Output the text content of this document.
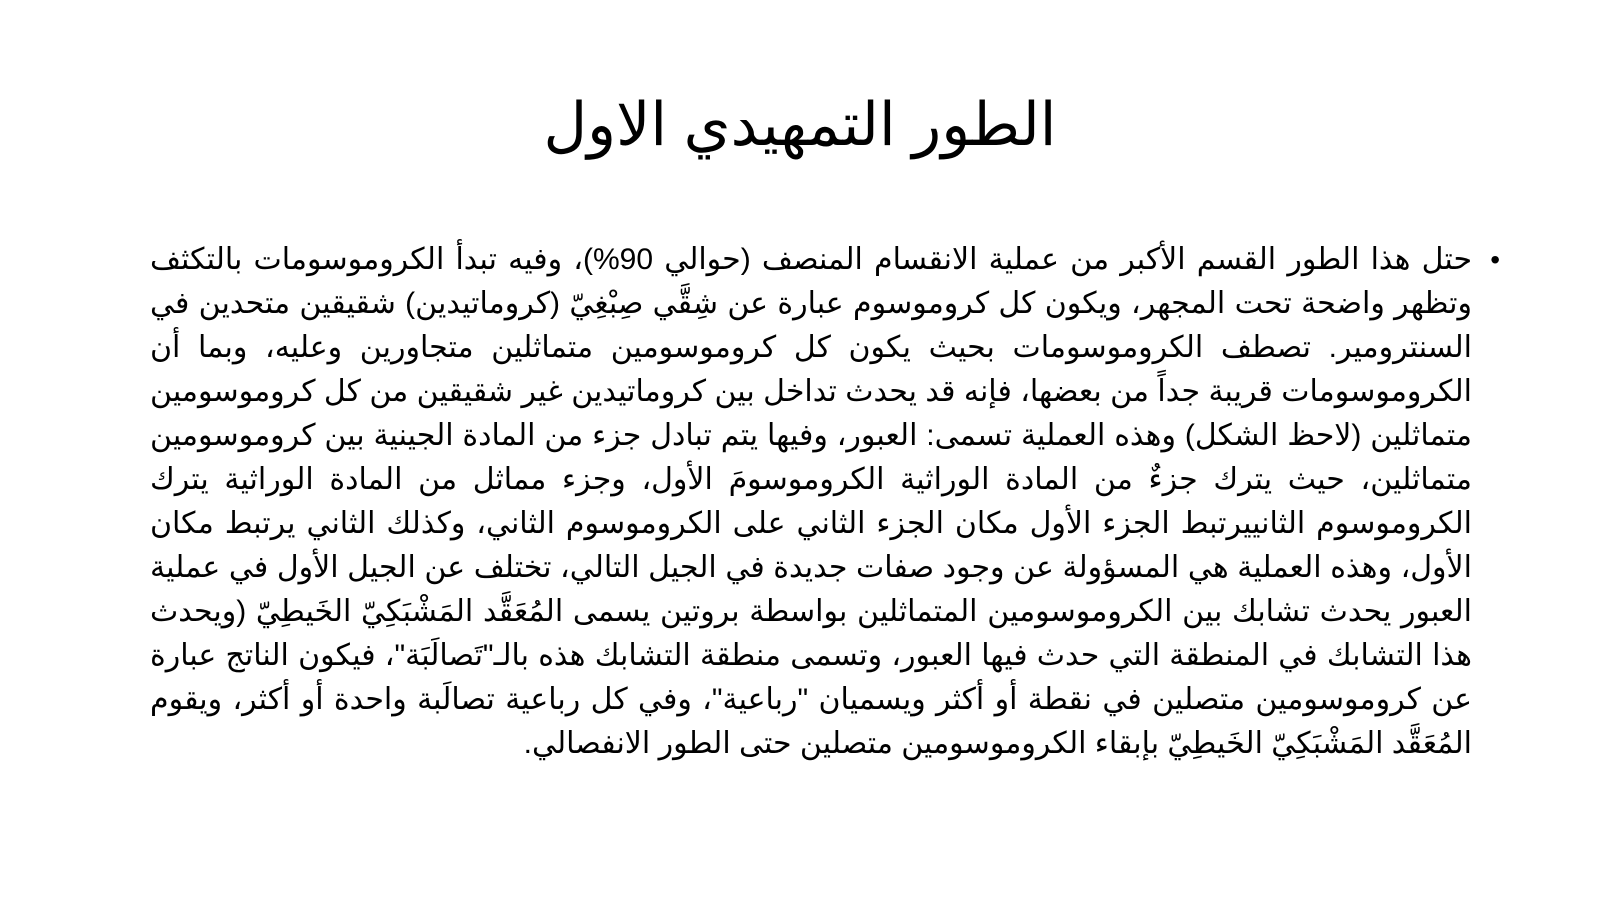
الطور التمهيدي الاول
•

حتل هذا الطور القسم الأكبر من عملية الانقسام المنصف (حوالي 90%)، وفيه تبدأ الكروموسومات بالتكثف وتظهر واضحة تحت المجهر، ويكون كل كروموسوم عبارة عن شِقَّي صِبْغِيّ (كروماتيدين) شقيقين متحدين في السنترومير. تصطف الكروموسومات بحيث يكون كل كروموسومين متماثلين متجاورين وعليه، وبما أن الكروموسومات قريبة جداً من بعضها، فإنه قد يحدث تداخل بين كروماتيدين غير شقيقين من كل كروموسومين متماثلين (لاحظ الشكل) وهذه العملية تسمى: العبور، وفيها يتم تبادل جزء من المادة الجينية بين كروموسومين متماثلين، حيث يترك جزءٌ من المادة الوراثية الكروموسومَ الأول، وجزء مماثل من المادة الوراثية يترك الكروموسوم الثانييرتبط الجزء الأول مكان الجزء الثاني على الكروموسوم الثاني، وكذلك الثاني يرتبط مكان الأول، وهذه العملية هي المسؤولة عن وجود صفات جديدة في الجيل التالي، تختلف عن الجيل الأول في عملية العبور يحدث تشابك بين الكروموسومين المتماثلين بواسطة بروتين يسمى المُعَقَّد المَشْبَكِيّ الخَيطِيّ (ويحدث هذا التشابك في المنطقة التي حدث فيها العبور، وتسمى منطقة التشابك هذه بالـ"تَصالَبَة"، فيكون الناتج عبارة عن كروموسومين متصلين في نقطة أو أكثر ويسميان "رباعية"، وفي كل رباعية تصالَبة واحدة أو أكثر، ويقوم المُعَقَّد المَشْبَكِيّ الخَيطِيّ بإبقاء الكروموسومين متصلين حتى الطور الانفصالي.
